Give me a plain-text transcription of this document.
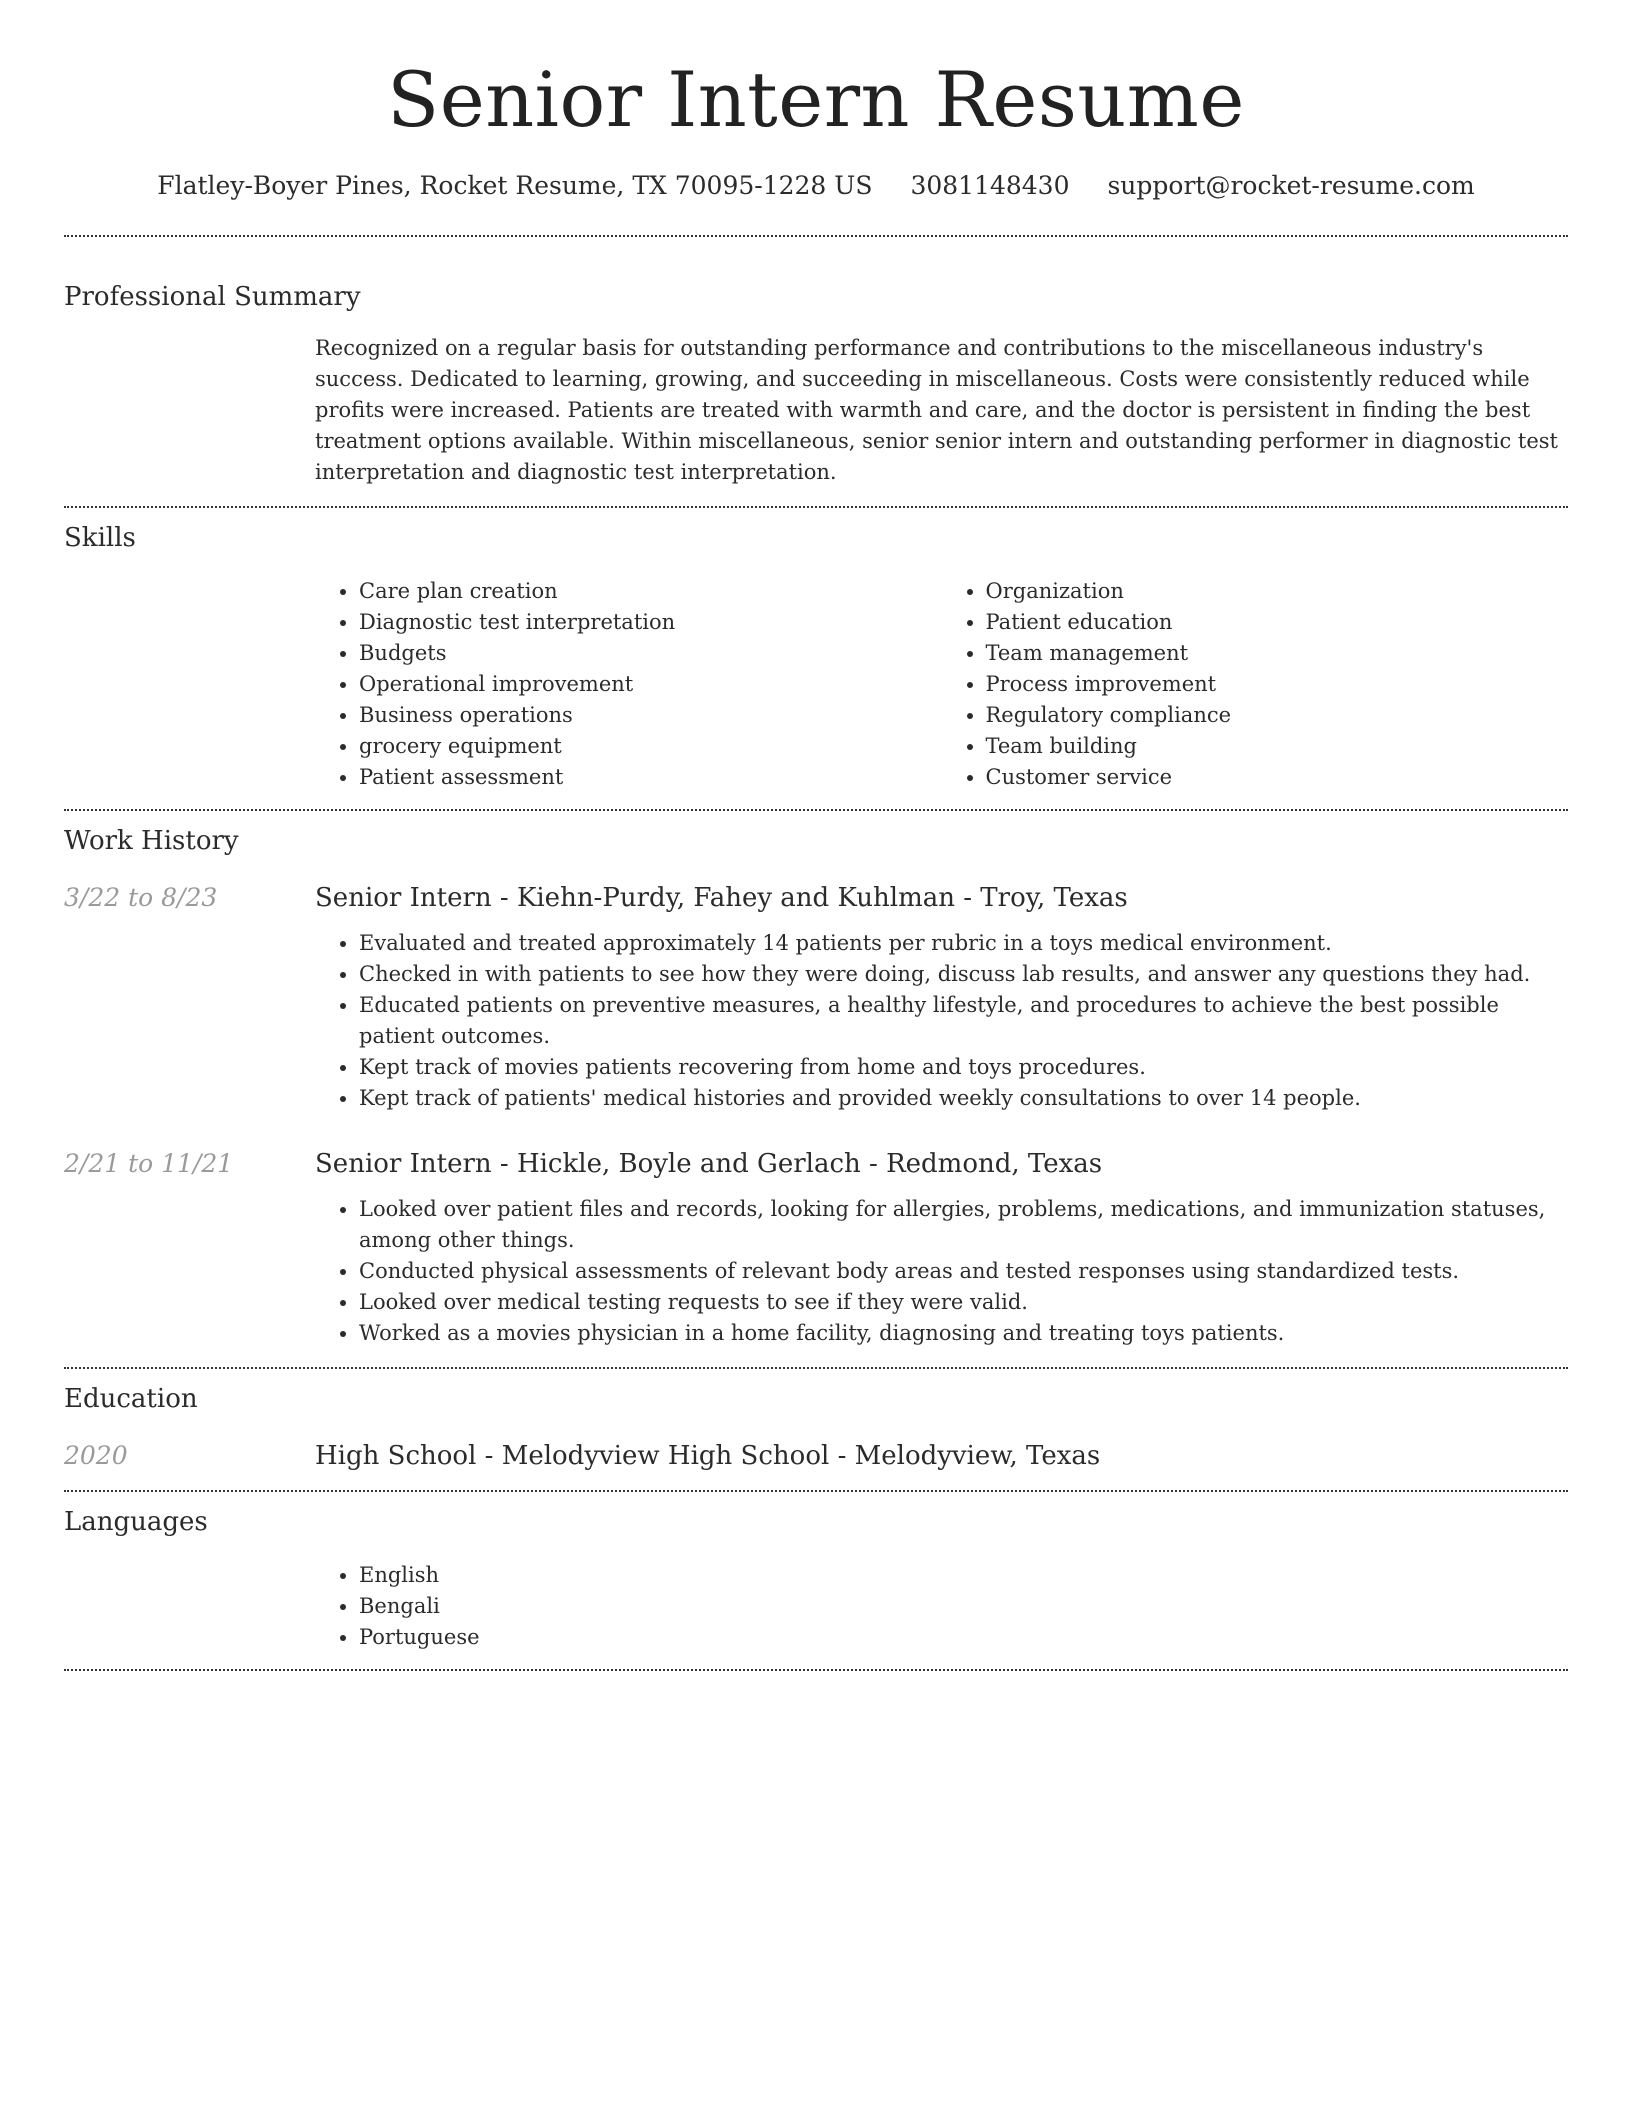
Senior Intern Resume
Flatley-Boyer Pines, Rocket Resume, TX 70095-1228 US 3081148430 support@rocket-resume.com
Professional Summary

Recognized on a regular basis for outstanding performance and contributions to the miscellaneous industry's success. Dedicated to learning, growing, and succeeding in miscellaneous. Costs were consistently reduced while profits were increased. Patients are treated with warmth and care, and the doctor is persistent in finding the best treatment options available. Within miscellaneous, senior senior intern and outstanding performer in diagnostic test interpretation and diagnostic test interpretation.

Skills
• Care plan creation
• Diagnostic test interpretation
• Budgets
• Operational improvement
• Business operations
• grocery equipment
• Patient assessment
• Organization
• Patient education
• Team management
• Process improvement
• Regulatory compliance
• Team building
• Customer service
Work History
3/22 to 8/23	Senior Intern - Kiehn-Purdy, Fahey and Kuhlman - Troy, Texas
• Evaluated and treated approximately 14 patients per rubric in a toys medical environment.
• Checked in with patients to see how they were doing, discuss lab results, and answer any questions they had.
• Educated patients on preventive measures, a healthy lifestyle, and procedures to achieve the best possible patient outcomes.
• Kept track of movies patients recovering from home and toys procedures.
• Kept track of patients' medical histories and provided weekly consultations to over 14 people.
2/21 to 11/21	Senior Intern - Hickle, Boyle and Gerlach - Redmond, Texas
• Looked over patient files and records, looking for allergies, problems, medications, and immunization statuses, among other things.
• Conducted physical assessments of relevant body areas and tested responses using standardized tests.
• Looked over medical testing requests to see if they were valid.
• Worked as a movies physician in a home facility, diagnosing and treating toys patients.
Education
2020	High School - Melodyview High School - Melodyview, Texas
Languages
• English
• Bengali
• Portuguese
